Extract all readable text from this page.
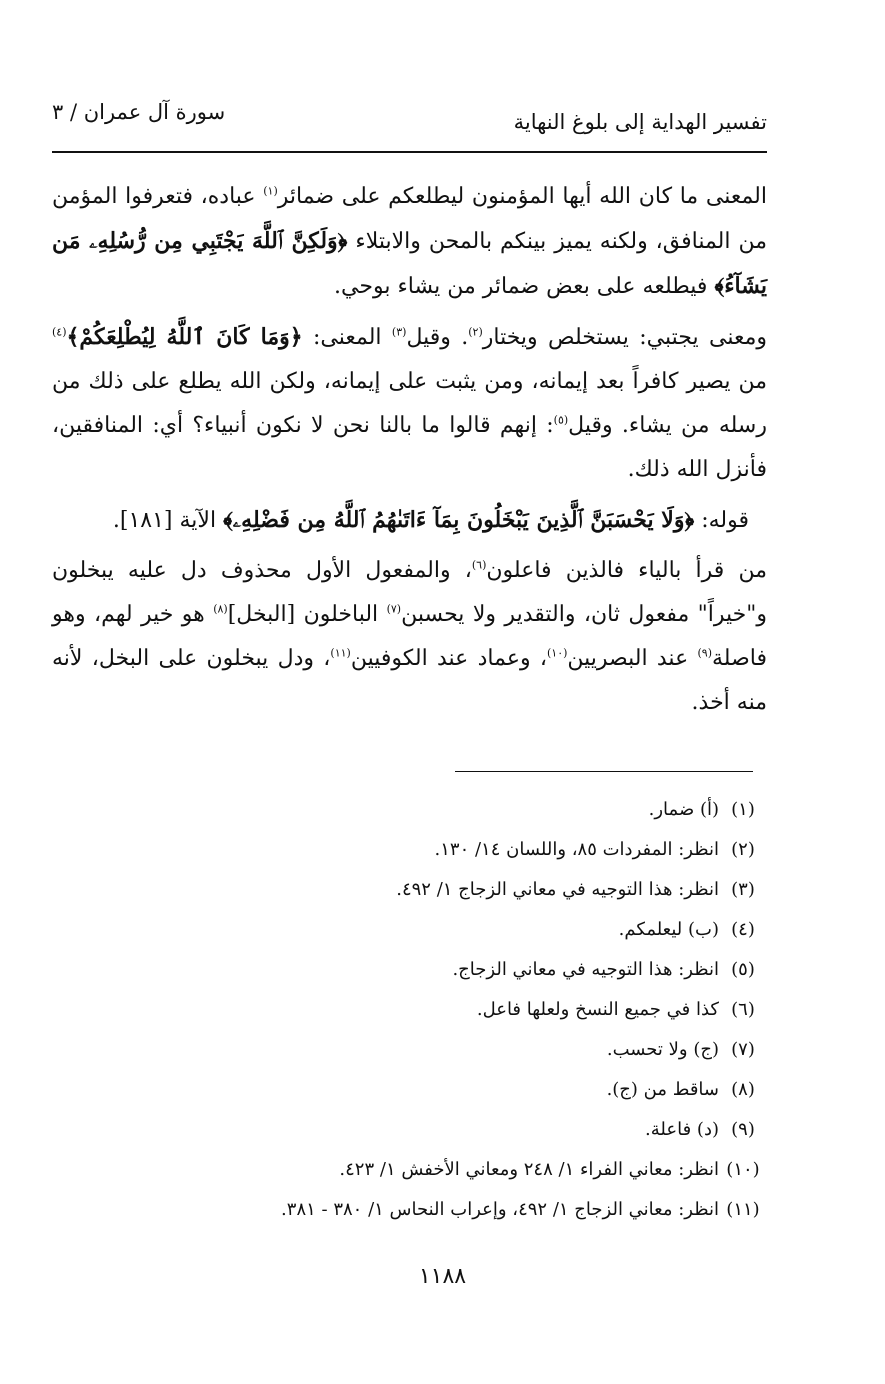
تفسير الهداية إلى بلوغ النهاية
سورة آل عمران / ٣

المعنى ما كان الله أيها المؤمنون ليطلعكم على ضمائر$^{(١)}$ عباده، فتعرفوا المؤمن من المنافق، ولكنه يميز بينكم بالمحن والابتلاء ﴿وَلَكِنَّ ٱللَّهَ يَجْتَبِي مِن رُّسُلِهِۦ مَن يَشَآءُ﴾ فيطلعه على بعض ضمائر من يشاء بوحي.

ومعنى يجتبي: يستخلص ويختار$^{(٢)}$. وقيل$^{(٣)}$ المعنى: ﴿وَمَا كَانَ ٱللَّهُ لِيُطْلِعَكُمْ﴾$^{(٤)}$ من يصير كافراً بعد إيمانه، ومن يثبت على إيمانه، ولكن الله يطلع على ذلك من رسله من يشاء. وقيل$^{(٥)}$: إنهم قالوا ما بالنا نحن لا نكون أنبياء؟ أي: المنافقين، فأنزل الله ذلك.

قوله: ﴿وَلَا يَحْسَبَنَّ ٱلَّذِينَ يَبْخَلُونَ بِمَآ ءَاتَىٰهُمُ ٱللَّهُ مِن فَضْلِهِۦ﴾ الآية [١٨١].

من قرأ بالياء فالذين فاعلون$^{(٦)}$، والمفعول الأول محذوف دل عليه يبخلون و"خيراً" مفعول ثان، والتقدير ولا يحسبن$^{(٧)}$ الباخلون [البخل]$^{(٨)}$ هو خير لهم، وهو فاصلة$^{(٩)}$ عند البصريين$^{(١٠)}$، وعماد عند الكوفيين$^{(١١)}$، ودل يبخلون على البخل، لأنه منه أخذ.

(١)(أ) ضمار.
(٢)انظر: المفردات ٨٥، واللسان ١٤/ ١٣٠.
(٣)انظر: هذا التوجيه في معاني الزجاج ١/ ٤٩٢.
(٤)(ب) ليعلمكم.
(٥)انظر: هذا التوجيه في معاني الزجاج.
(٦)كذا في جميع النسخ ولعلها فاعل.
(٧)(ج) ولا تحسب.
(٨)ساقط من (ج).
(٩)(د) فاعلة.
(١٠)انظر: معاني الفراء ١/ ٢٤٨ ومعاني الأخفش ١/ ٤٢٣.
(١١)انظر: معاني الزجاج ١/ ٤٩٢، وإعراب النحاس ١/ ٣٨٠ - ٣٨١.
١١٨٨
